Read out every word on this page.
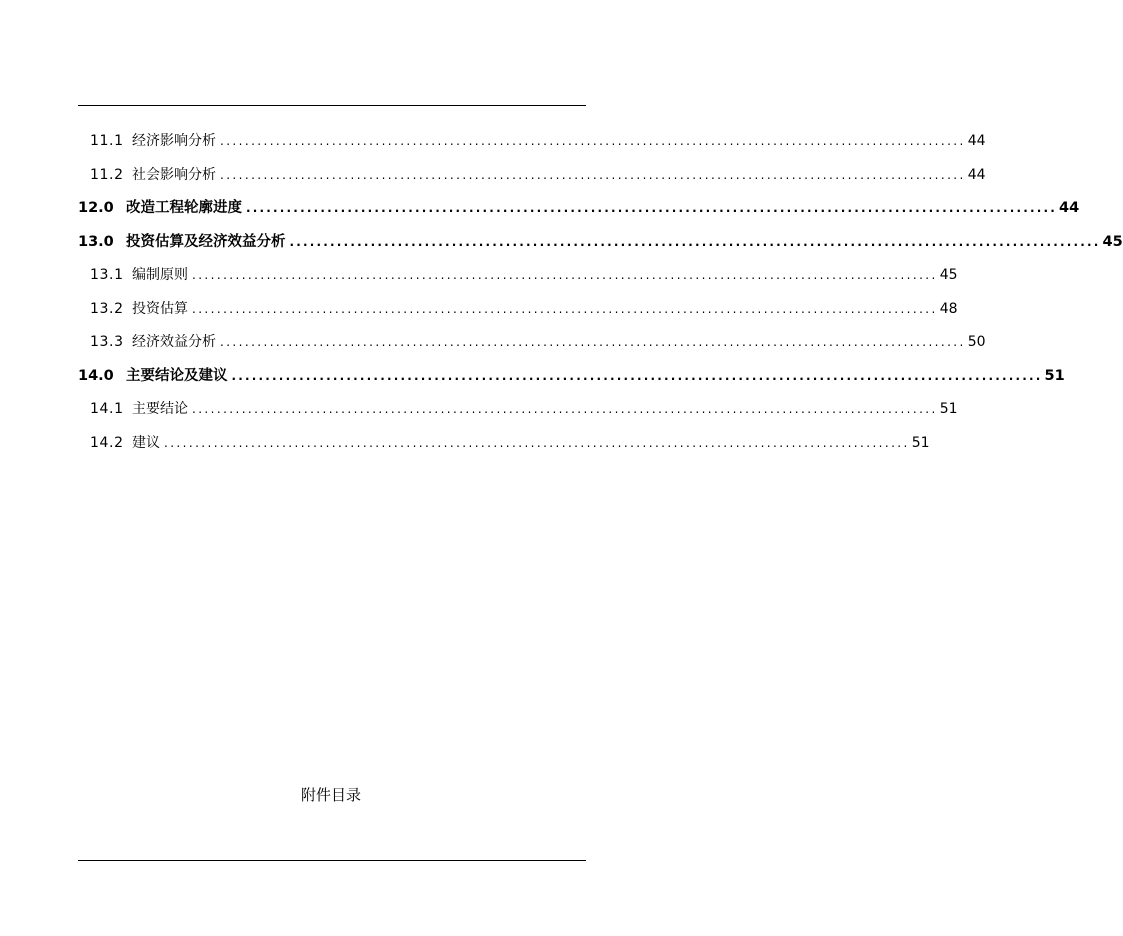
11.1 经济影响分析 ........................................................................................................................ 44
11.2 社会影响分析 ........................................................................................................................ 44
12.0 改造工程轮廓进度 ........................................................................................................................ 44
13.0 投资估算及经济效益分析 ........................................................................................................................ 45
13.1 编制原则 ........................................................................................................................ 45
13.2 投资估算 ........................................................................................................................ 48
13.3 经济效益分析 ........................................................................................................................ 50
14.0 主要结论及建议 ........................................................................................................................ 51
14.1 主要结论 ........................................................................................................................ 51
14.2 建议 ........................................................................................................................ 51
附件目录
